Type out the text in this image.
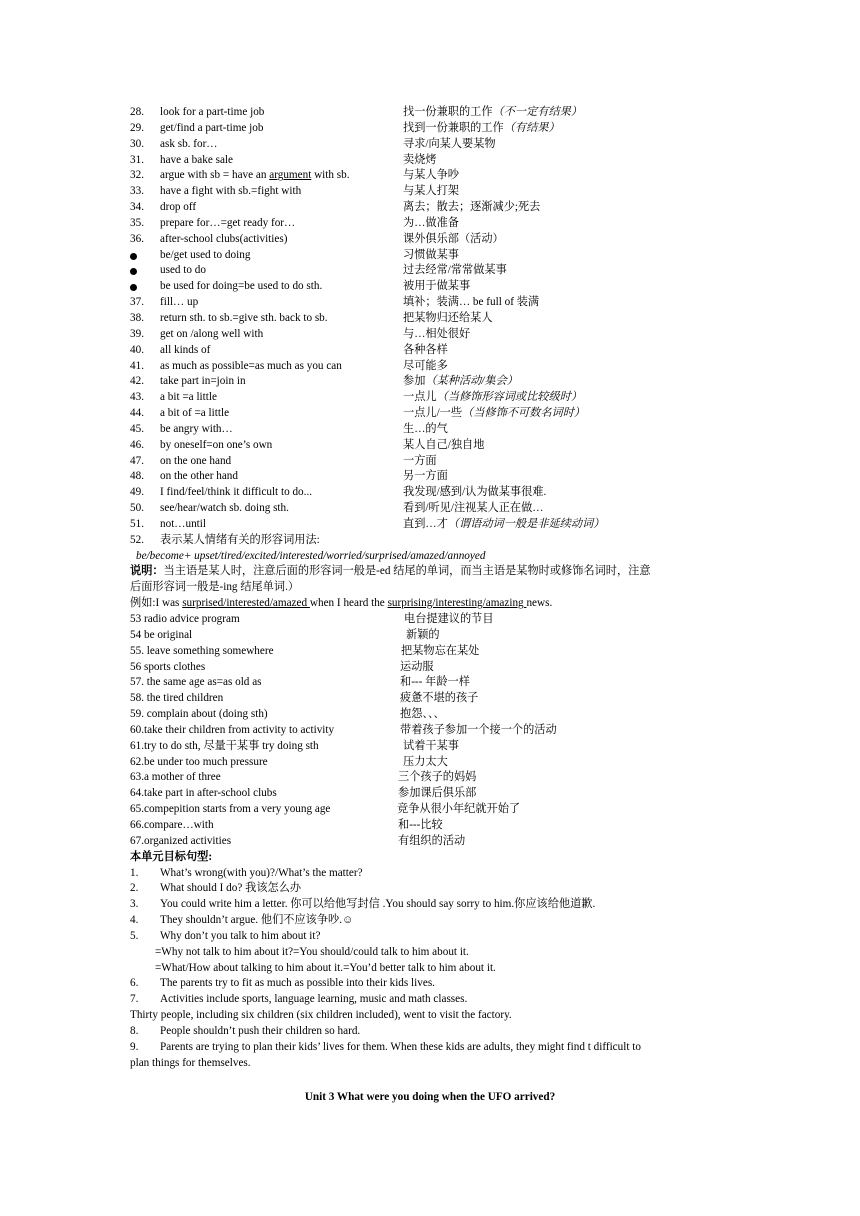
28. look for a part-time job	找一份兼职的工作（不一定有结果）
29. get/find a part-time job	找到一份兼职的工作（有结果）
30. ask sb. for…	寻求/向某人要某物
31. have a bake sale	卖烧烤
32. argue with sb = have an argument with sb.	与某人争吵
33. have a fight with sb.=fight with	与某人打架
34. drop off	离去；散去；逐渐减少;死去
35. prepare for…=get ready for…	为…做准备
36. after-school clubs(activities)	课外俱乐部（活动）
be/get used to doing	习惯做某事
used to do	过去经常/常常做某事
be used for doing=be used to do sth.	被用于做某事
37. fill… up	填补；装满… be full of 装满
38. return sth. to sb.=give sth. back to sb.	把某物归还给某人
39. get on /along well with	与…相处很好
40. all kinds of	各种各样
41. as much as possible=as much as you can	尽可能多
42. take part in=join in	参加（某种活动/集会）
43. a bit =a little	一点儿（当修饰形容词或比较级时）
44. a bit of =a little	一点儿/一些（当修饰不可数名词时）
45. be angry with…	生…的气
46. by oneself=on one’s own	某人自己/独自地
47. on the one hand	一方面
48. on the other hand	另一方面
49. I find/feel/think it difficult to do...	我发现/感到/认为做某事很难.
50. see/hear/watch sb. doing sth.	看到/听见/注视某人正在做…
51. not…until	直到…才（谓语动词一般是非延续动词）
52. 表示某人情绪有关的形容词用法:
be/become+ upset/tired/excited/interested/worried/surprised/amazed/annoyed
说明：当主语是某人时，注意后面的形容词一般是-ed 结尾的单词，而当主语是某物时或修饰名词时，注意
后面形容词一般是-ing 结尾单词.）
例如:I was surprised/interested/amazed when I heard the surprising/interesting/amazing news.
53 radio advice program	电台提建议的节目
54 be original	新颖的
55. leave something somewhere	把某物忘在某处
56 sports clothes	运动服
57. the same age as=as old as	和--- 年龄一样
58. the tired children	疲惫不堪的孩子
59. complain about (doing sth)	抱怨、、、
60.take their children from activity to activity	带着孩子参加一个接一个的活动
61.try to do sth, 尽量干某事 try doing sth	试着干某事
62.be under too much pressure	压力太大
63.a mother of three	三个孩子的妈妈
64.take part in after-school clubs	参加课后俱乐部
65.compepition starts from a very young age	竞争从很小年纪就开始了
66.compare…with	和---比较
67.organized activities	有组织的活动
本单元目标句型:
1. What’s wrong(with you)?/What’s the matter?
2. What should I do? 我该怎么办
3. You could write him a letter. 你可以给他写封信 .You should say sorry to him.你应该给他道歉.
4. They shouldn’t argue. 他们不应该争吵.☺
5. Why don’t you talk to him about it?
=Why not talk to him about it?=You should/could talk to him about it.
=What/How about talking to him about it.=You’d better talk to him about it.
6. The parents try to fit as much as possible into their kids lives.
7. Activities include sports, language learning, music and math classes.
Thirty people, including six children (six children included), went to visit the factory.
8. People shouldn’t push their children so hard.
9. Parents are trying to plan their kids’ lives for them. When these kids are adults, they might find t difficult to
plan things for themselves.
Unit 3 What were you doing when the UFO arrived?
